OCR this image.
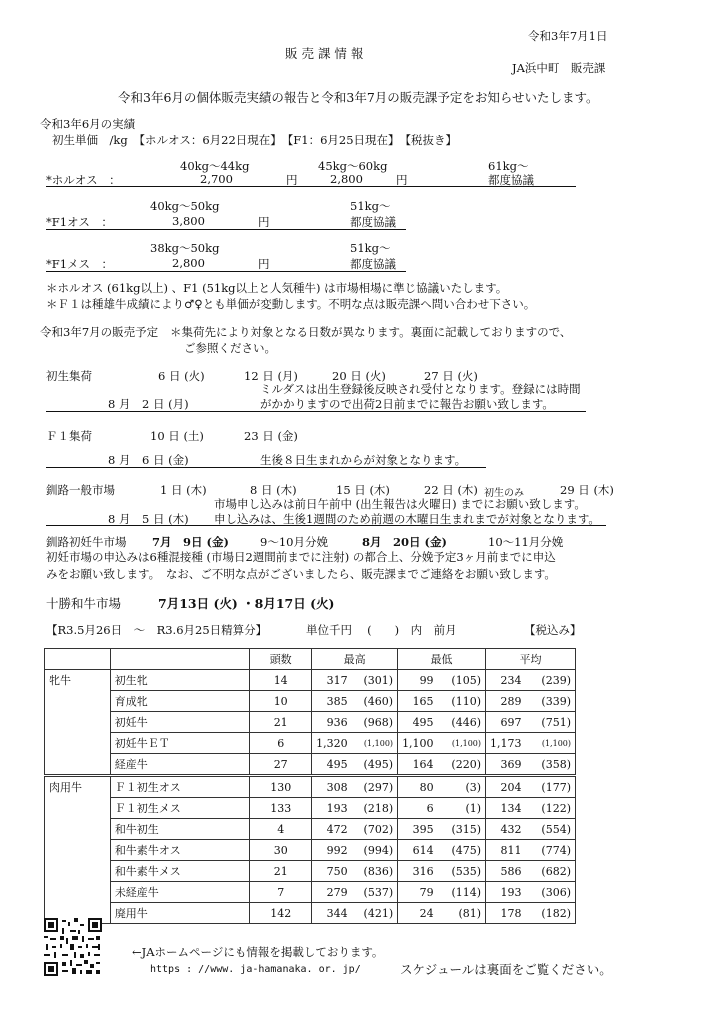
令和3年7月1日
販 売 課 情 報
JA浜中町　販売課
令和3年6月の個体販売実績の報告と令和3年7月の販売課予定をお知らせいたします。
令和3年6月の実績
初生単価　/kg　【ホルオス：6月22日現在】　【F1：6月25日現在】　【税抜き】
40kg～44kg	45kg～60kg	61kg～
*ホルオス　：	2,700	円	2,800	円	都度協議
40kg～50kg	51kg～
*F1オス　：	3,800	円	都度協議
38kg～50kg	51kg～
*F1メス　：	2,800	円	都度協議
＊ホルオス (61kg以上) 、F1 (51kg以上と人気種牛) は市場相場に準じ協議いたします。
＊Ｆ１は種雄牛成績により♂♀とも単価が変動します。不明な点は販売課へ問い合わせ下さい。
令和3年7月の販売予定 ＊集荷先により対象となる日数が異なります。裏面に記載しておりますので、
ご参照ください。
初生集荷	6 日 (火)	12 日 (月)	20 日 (火)	27 日 (火)
ミルダスは出生登録後反映され受付となります。登録には時間
8 月　2 日 (月)	がかかりますので出荷2日前までに報告お願い致します。
Ｆ１集荷	10 日 (土)	23 日 (金)
8 月　6 日 (金)	生後８日生まれからが対象となります。
釧路一般市場	1 日 (木)	8 日 (木)	15 日 (木)	22 日 (木) 初生のみ	29 日 (木)
市場申し込みは前日午前中 (出生報告は火曜日) までにお願い致します。
8 月　5 日 (木) 申し込みは、生後1週間のため前週の木曜日生まれまでが対象となります。
釧路初妊牛市場 7月　9日 (金)	9～10月分娩	8月　20日 (金)	10～11月分娩
初妊市場の申込みは6種混接種 (市場日2週間前までに注射) の都合上、分娩予定3ヶ月前までに申込
みをお願い致します。　なお、ご不明な点がございましたら、販売課までご連絡をお願い致します。
十勝和牛市場	7月13日 (火) ・8月17日 (火)
【R3.5月26日　～　R3.6月25日精算分】	単位千円　 (　　)　内　前月	【税込み】
		頭数	最高		最低		平均	
牝牛	初生牝	14	317	(301)	99	(105)	234	(239)
	育成牝	10	385	(460)	165	(110)	289	(339)
	初妊牛	21	936	(968)	495	(446)	697	(751)
	初妊牛ＥＴ	6	1,320	(1,100)	1,100	(1,100)	1,173	(1,100)
	経産牛	27	495	(495)	164	(220)	369	(358)
肉用牛	Ｆ１初生オス	130	308	(297)	80	(3)	204	(177)
	Ｆ１初生メス	133	193	(218)	6	(1)	134	(122)
	和牛初生	4	472	(702)	395	(315)	432	(554)
	和牛素牛オス	30	992	(994)	614	(475)	811	(774)
	和牛素牛メス	21	750	(836)	316	(535)	586	(682)
	未経産牛	7	279	(537)	79	(114)	193	(306)
	廃用牛	142	344	(421)	24	(81)	178	(182)
←JAホームページにも情報を掲載しております。
https : //www. ja-hamanaka. or. jp/	スケジュールは裏面をご覧ください。
